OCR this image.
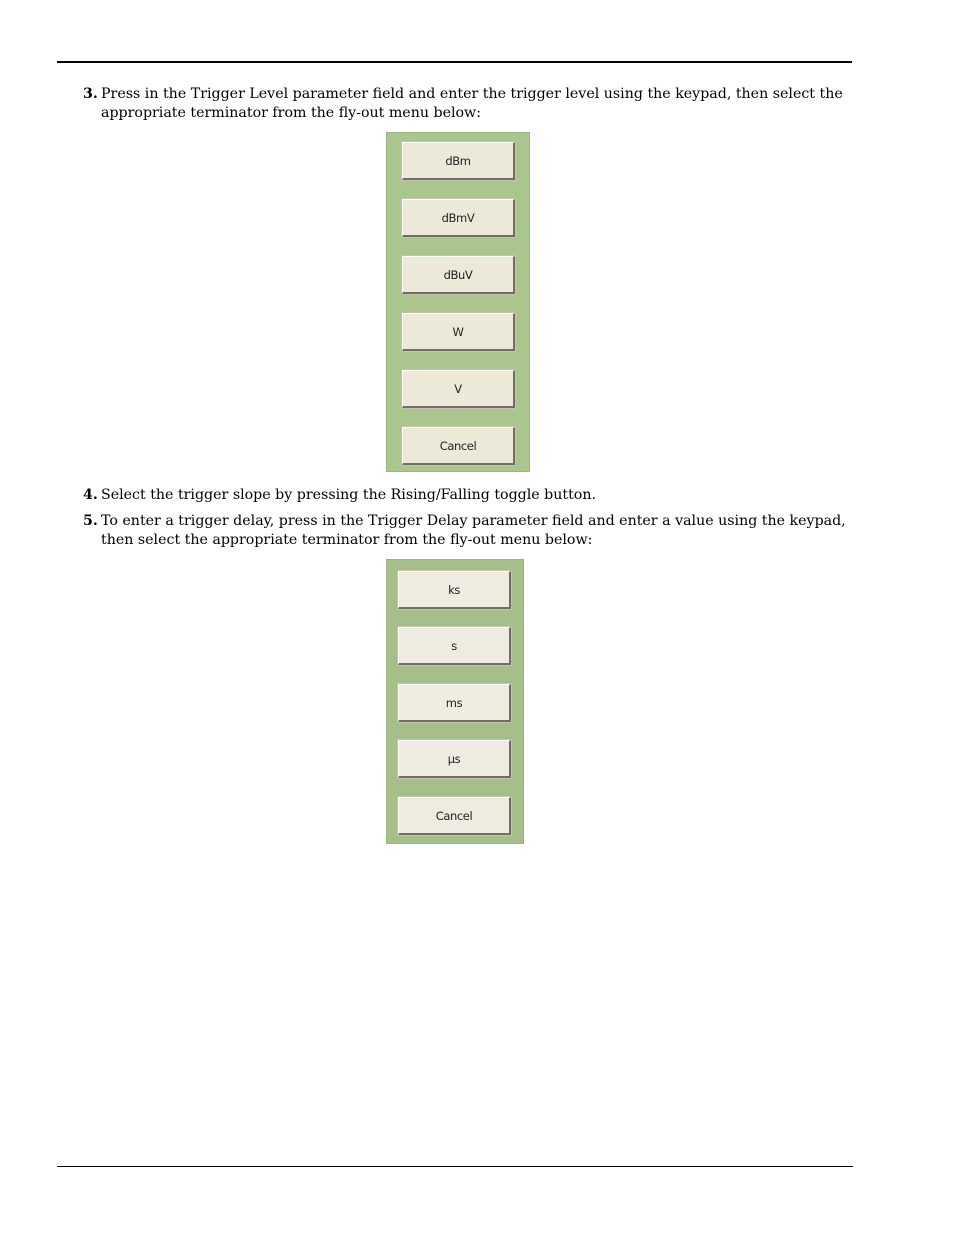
3. Press in the Trigger Level parameter field and enter the trigger level using the keypad, then select the appropriate terminator from the fly-out menu below:
dBm
dBmV
dBuV
W
V
Cancel
4. Select the trigger slope by pressing the Rising/Falling toggle button.
5. To enter a trigger delay, press in the Trigger Delay parameter field and enter a value using the keypad, then select the appropriate terminator from the fly-out menu below:
ks
s
ms
µs
Cancel
